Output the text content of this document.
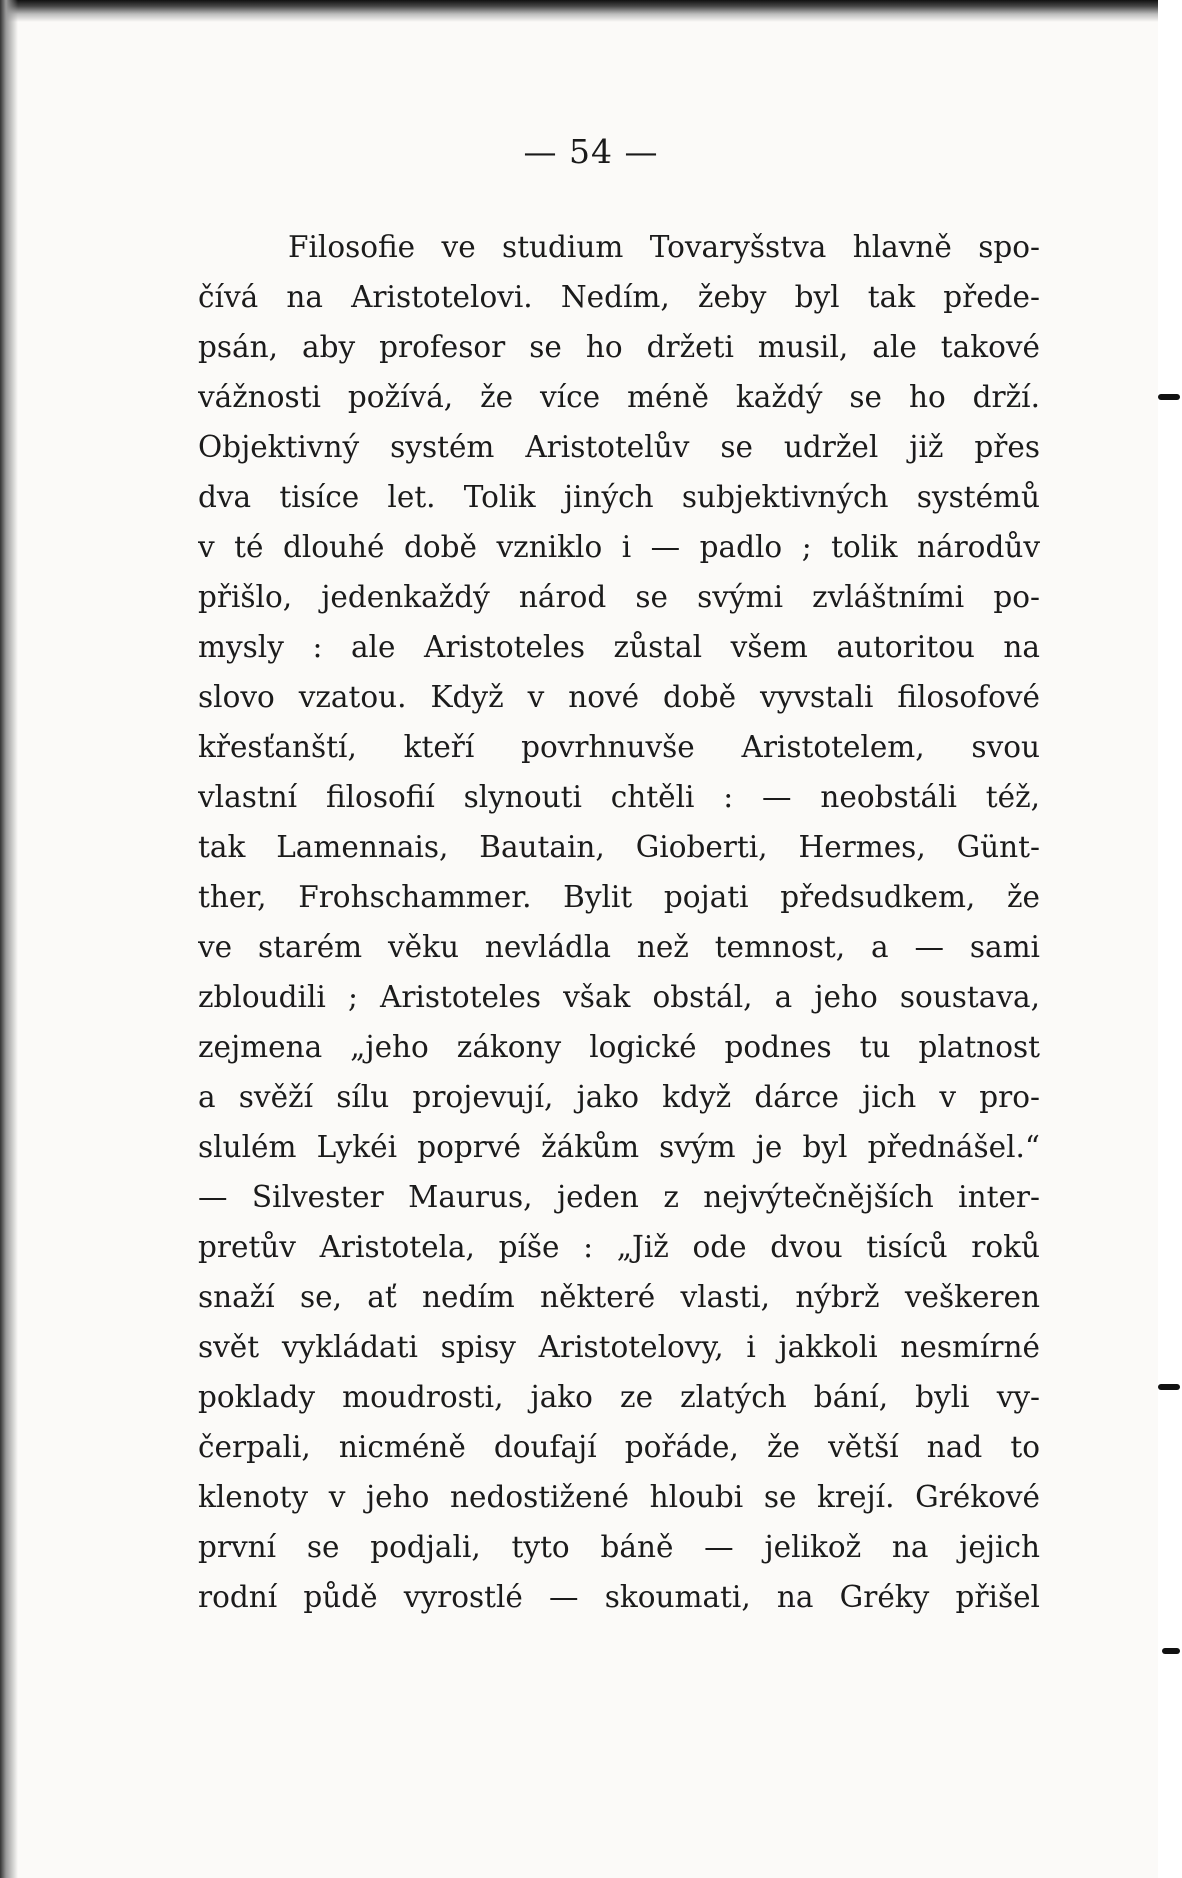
— 54 —
Filosofie ve studium Tovaryšstva hlavně spo-
čívá na Aristotelovi. Nedím, žeby byl tak přede-
psán, aby profesor se ho držeti musil, ale takové
vážnosti požívá, že více méně každý se ho drží.
Objektivný systém Aristotelův se udržel již přes
dva tisíce let. Tolik jiných subjektivných systémů
v té dlouhé době vzniklo i — padlo ; tolik národův
přišlo, jedenkaždý národ se svými zvláštními po-
mysly : ale Aristoteles zůstal všem autoritou na
slovo vzatou. Když v nové době vyvstali filosofové
křesťanští, kteří povrhnuvše Aristotelem, svou
vlastní filosofií slynouti chtěli : — neobstáli též,
tak Lamennais, Bautain, Gioberti, Hermes, Günt-
ther, Frohschammer. Bylit pojati předsudkem, že
ve starém věku nevládla než temnost, a — sami
zbloudili ; Aristoteles však obstál, a jeho soustava,
zejmena „jeho zákony logické podnes tu platnost
a svěží sílu projevují, jako když dárce jich v pro-
slulém Lykéi poprvé žákům svým je byl přednášel.“
— Silvester Maurus, jeden z nejvýtečnějších inter-
pretův Aristotela, píše : „Již ode dvou tisíců roků
snaží se, ať nedím některé vlasti, nýbrž veškeren
svět vykládati spisy Aristotelovy, i jakkoli nesmírné
poklady moudrosti, jako ze zlatých bání, byli vy-
čerpali, nicméně doufají pořáde, že větší nad to
klenoty v jeho nedostižené hloubi se krejí. Grékové
první se podjali, tyto báně — jelikož na jejich
rodní půdě vyrostlé — skoumati, na Gréky přišel
